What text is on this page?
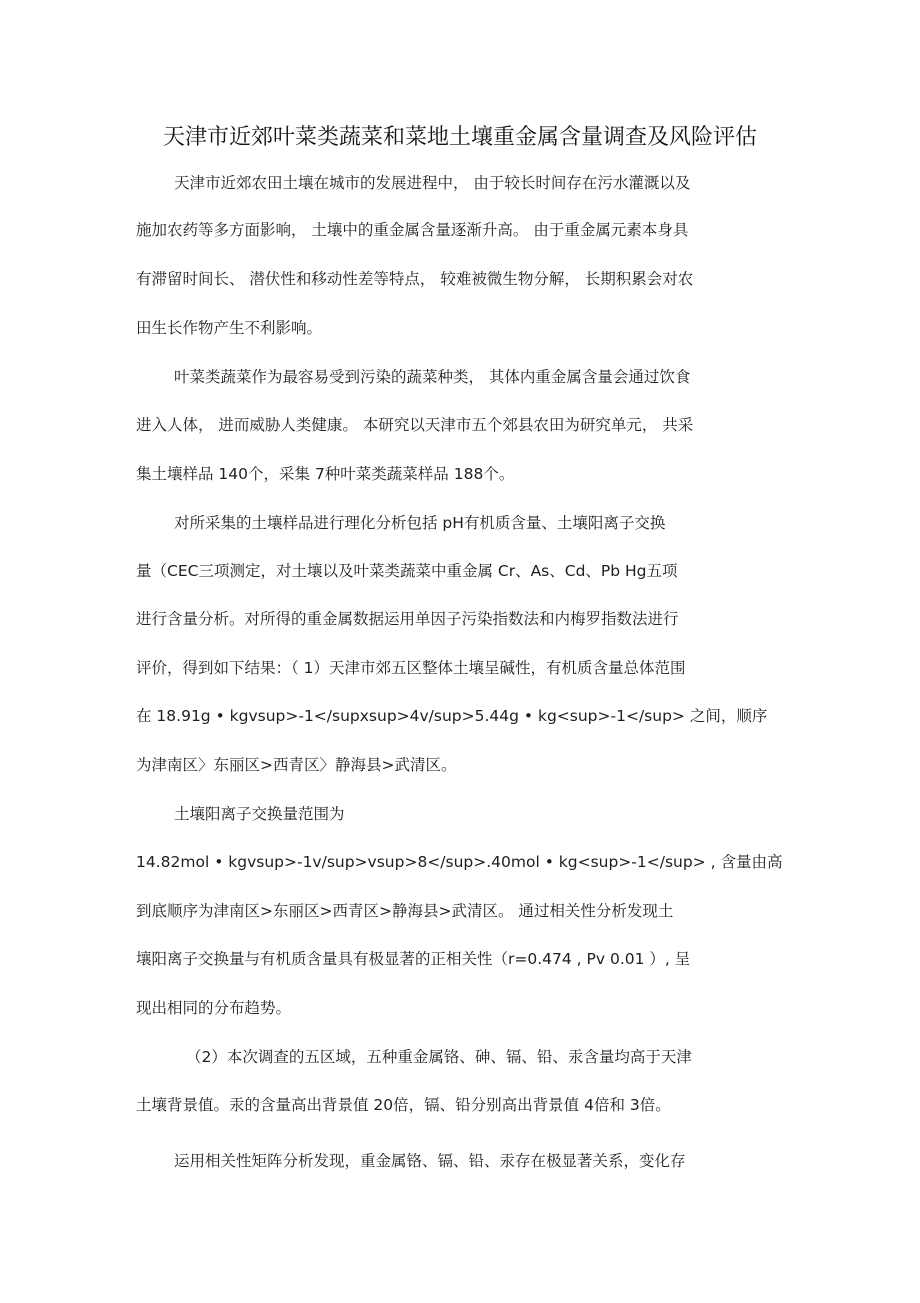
天津市近郊叶菜类蔬菜和菜地土壤重金属含量调查及风险评估

天津市近郊农田土壤在城市的发展进程中， 由于较长时间存在污水灌溉以及

施加农药等多方面影响， 土壤中的重金属含量逐渐升高。 由于重金属元素本身具

有滞留时间长、 潜伏性和移动性差等特点， 较难被微生物分解， 长期积累会对农

田生长作物产生不利影响。

叶菜类蔬菜作为最容易受到污染的蔬菜种类， 其体内重金属含量会通过饮食

进入人体， 进而威胁人类健康。 本研究以天津市五个郊县农田为研究单元， 共采

集土壤样品 140个，采集 7种叶菜类蔬菜样品 188个。

对所采集的土壤样品进行理化分析包括 pH有机质含量、土壤阳离子交换

量（CEC三项测定，对土壤以及叶菜类蔬菜中重金属 Cr、As、Cd、Pb Hg五项

进行含量分析。对所得的重金属数据运用单因子污染指数法和内梅罗指数法进行

评价，得到如下结果：（ 1）天津市郊五区整体土壤呈碱性，有机质含量总体范围

在 18.91g • kgvsup>-1</supxsup>4v/sup>5.44g • kg<sup>-1</sup> 之间，顺序

为津南区〉东丽区>西青区〉静海县>武清区。

土壤阳离子交换量范围为

14.82mol • kgvsup>-1v/sup>vsup>8</sup>.40mol • kg<sup>-1</sup> , 含量由高

到底顺序为津南区>东丽区>西青区>静海县>武清区。 通过相关性分析发现土

壤阳离子交换量与有机质含量具有极显著的正相关性（r=0.474 , Pv 0.01 ）, 呈

现出相同的分布趋势。

（2）本次调查的五区域，五种重金属铬、砷、镉、铅、汞含量均高于天津

土壤背景值。汞的含量高出背景值 20倍，镉、铅分别高出背景值 4倍和 3倍。

运用相关性矩阵分析发现，重金属铬、镉、铅、汞存在极显著关系，变化存
